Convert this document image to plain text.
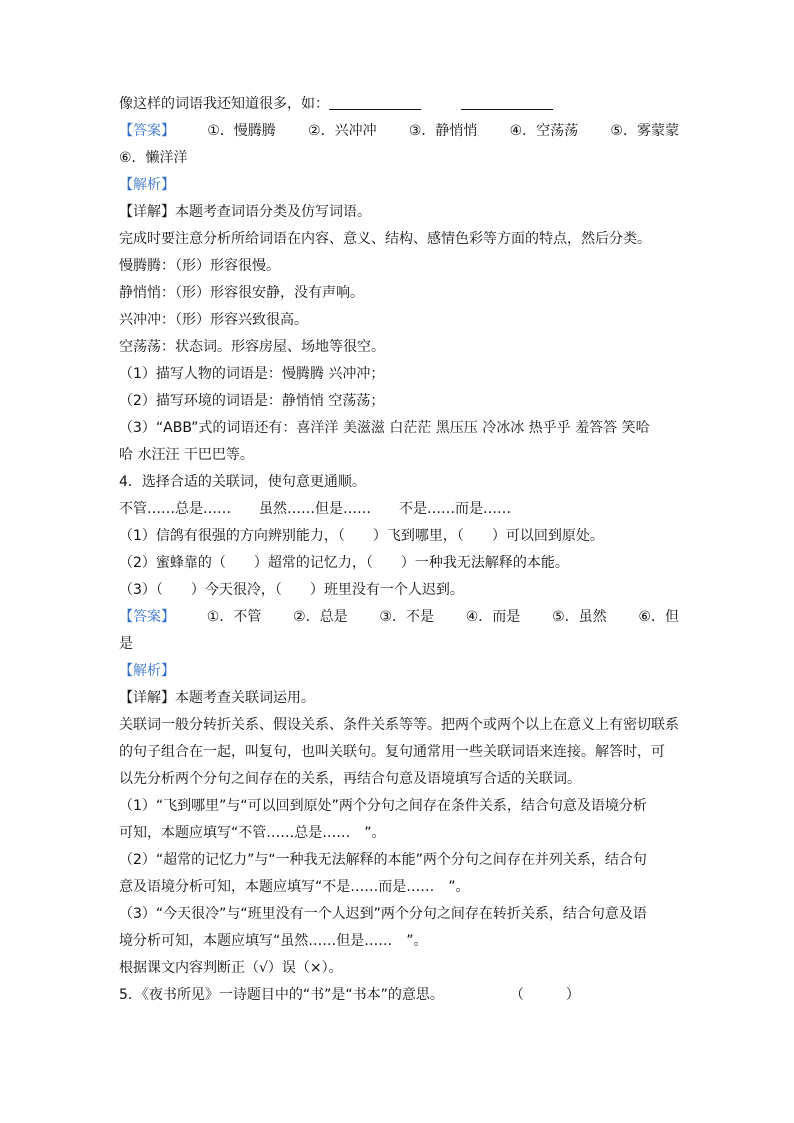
像这样的词语我还知道很多，如：
【答案】 ①．慢腾腾 ②．兴冲冲 ③．静悄悄 ④．空荡荡 ⑤．雾蒙蒙
⑥．懒洋洋
【解析】
【详解】本题考查词语分类及仿写词语。
完成时要注意分析所给词语在内容、意义、结构、感情色彩等方面的特点，然后分类。
慢腾腾：（形）形容很慢。
静悄悄：（形）形容很安静，没有声响。
兴冲冲：（形）形容兴致很高。
空荡荡：状态词。形容房屋、场地等很空。
（1）描写人物的词语是：慢腾腾 兴冲冲；
（2）描写环境的词语是：静悄悄 空荡荡；
（3）“ABB”式的词语还有：喜洋洋 美滋滋 白茫茫 黑压压 冷冰冰 热乎乎 羞答答 笑哈
哈 水汪汪 干巴巴等。
4．选择合适的关联词，使句意更通顺。
不管……总是…… 虽然……但是…… 不是……而是……
（1）信鸽有很强的方向辨别能力，（　　）飞到哪里，（　　）可以回到原处。
（2）蜜蜂靠的（　　）超常的记忆力，（　　）一种我无法解释的本能。
（3）（　　）今天很冷，（　　）班里没有一个人迟到。
【答案】 ①．不管 ②．总是 ③．不是 ④．而是 ⑤．虽然 ⑥．但
是
【解析】
【详解】本题考查关联词运用。
关联词一般分转折关系、假设关系、条件关系等等。把两个或两个以上在意义上有密切联系
的句子组合在一起，叫复句，也叫关联句。复句通常用一些关联词语来连接。解答时，可
以先分析两个分句之间存在的关系，再结合句意及语境填写合适的关联词。
（1）“飞到哪里”与“可以回到原处”两个分句之间存在条件关系，结合句意及语境分析
可知，本题应填写“不管……总是……　”。
（2）“超常的记忆力”与“一种我无法解释的本能”两个分句之间存在并列关系，结合句
意及语境分析可知，本题应填写“不是……而是……　”。
（3）“今天很冷”与“班里没有一个人迟到”两个分句之间存在转折关系，结合句意及语
境分析可知，本题应填写“虽然……但是……　”。
根据课文内容判断正（√）误（×）。
5．《夜书所见》一诗题目中的“书”是“书本”的意思。	（　　　）
